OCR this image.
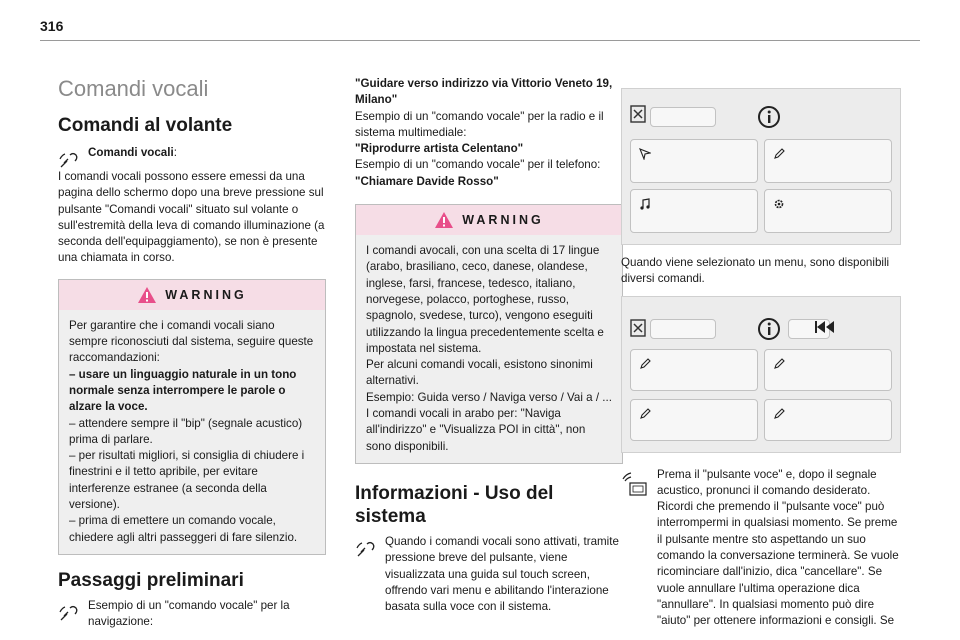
316
Comandi vocali
Comandi al volante

Comandi vocali:

I comandi vocali possono essere emessi da una pagina dello schermo dopo una breve pressione sul pulsante "Comandi vocali" situato sul volante o sull'estremità della leva di comando illuminazione (a seconda dell'equipaggiamento), se non è presente una chiamata in corso.

WARNING

Per garantire che i comandi vocali siano sempre riconosciuti dal sistema, seguire queste raccomandazioni:

– usare un linguaggio naturale in un tono normale senza interrompere le parole o alzare la voce.

– attendere sempre il "bip" (segnale acustico) prima di parlare.

– per risultati migliori, si consiglia di chiudere i finestrini e il tetto apribile, per evitare interferenze estranee (a seconda della versione).

– prima di emettere un comando vocale, chiedere agli altri passeggeri di fare silenzio.

Passaggi preliminari

Esempio di un "comando vocale" per la navigazione:

"Guidare verso indirizzo via Vittorio Veneto 19, Milano"

Esempio di un "comando vocale" per la radio e il sistema multimediale:

"Riprodurre artista Celentano"

Esempio di un "comando vocale" per il telefono:

"Chiamare Davide Rosso"

WARNING

I comandi avocali, con una scelta di 17 lingue (arabo, brasiliano, ceco, danese, olandese, inglese, farsi, francese, tedesco, italiano, norvegese, polacco, portoghese, russo, spagnolo, svedese, turco), vengono eseguiti utilizzando la lingua precedentemente scelta e impostata nel sistema.

Per alcuni comandi vocali, esistono sinonimi alternativi.

Esempio: Guida verso / Naviga verso / Vai a / ...

I comandi vocali in arabo per: "Naviga all'indirizzo" e "Visualizza POI in città", non sono disponibili.

Informazioni - Uso del sistema

Quando i comandi vocali sono attivati, tramite pressione breve del pulsante, viene visualizzata una guida sul touch screen, offrendo vari menu e abilitando l'interazione basata sulla voce con il sistema.

Quando viene selezionato un menu, sono disponibili diversi comandi.

Prema il "pulsante voce" e, dopo il segnale acustico, pronunci il comando desiderato. Ricordi che premendo il "pulsante voce" può interrompermi in qualsiasi momento. Se preme il pulsante mentre sto aspettando un suo comando la conversazione terminerà. Se vuole ricominciare dall'inizio, dica "cancellare". Se vuole annullare l'ultima operazione dica "annullare". In qualsiasi momento può dire "aiuto" per ottenere informazioni e consigli. Se
